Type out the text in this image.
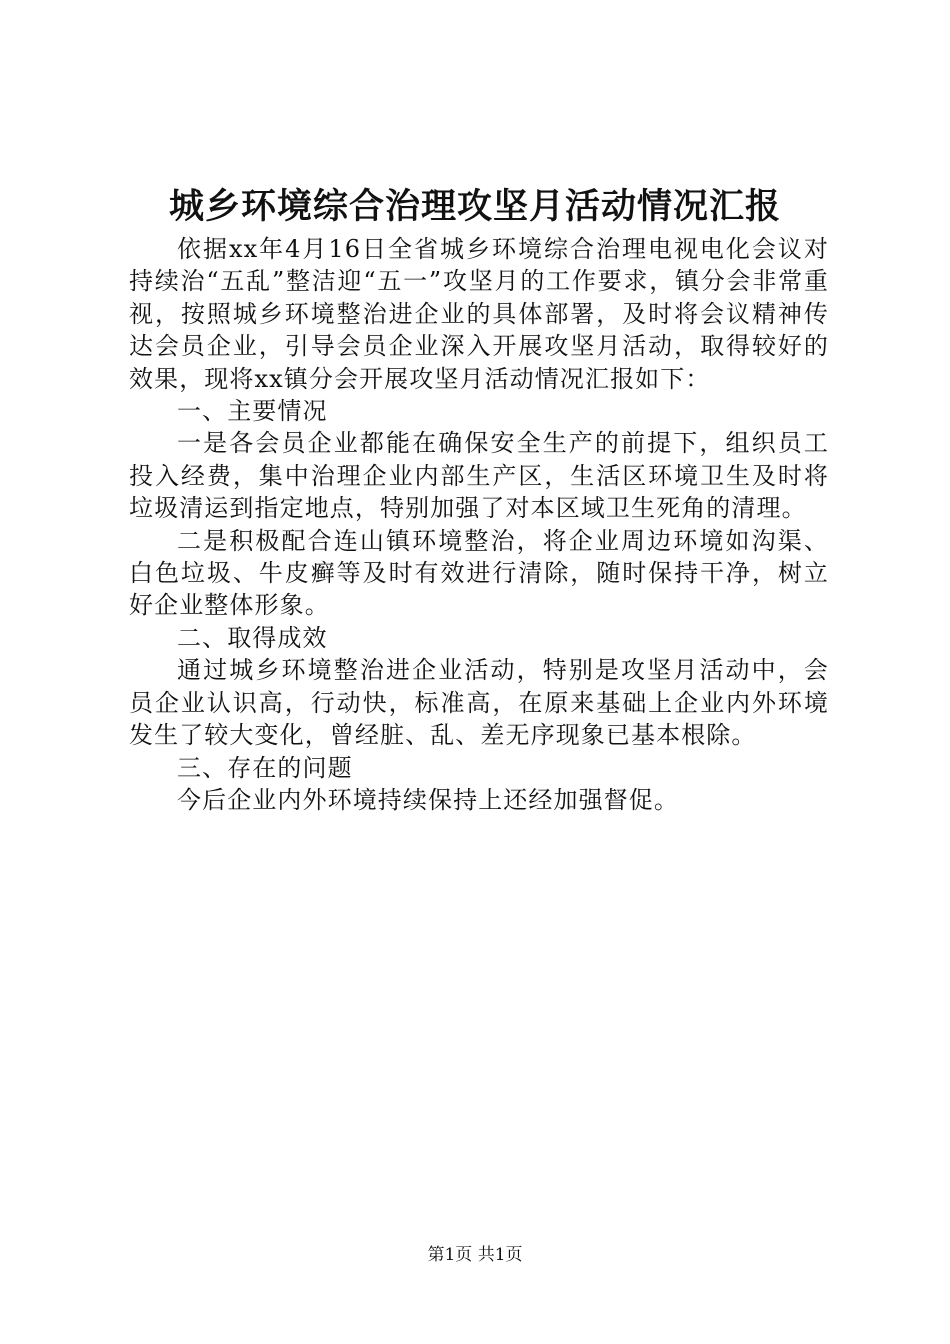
城乡环境综合治理攻坚月活动情况汇报

依据xx年4月16日全省城乡环境综合治理电视电化会议对持续治“五乱”整洁迎“五一”攻坚月的工作要求，镇分会非常重视，按照城乡环境整治进企业的具体部署，及时将会议精神传达会员企业，引导会员企业深入开展攻坚月活动，取得较好的效果，现将xx镇分会开展攻坚月活动情况汇报如下：

一、主要情况

一是各会员企业都能在确保安全生产的前提下，组织员工投入经费，集中治理企业内部生产区，生活区环境卫生及时将垃圾清运到指定地点，特别加强了对本区域卫生死角的清理。

二是积极配合连山镇环境整治，将企业周边环境如沟渠、白色垃圾、牛皮癣等及时有效进行清除，随时保持干净，树立好企业整体形象。

二、取得成效

通过城乡环境整治进企业活动，特别是攻坚月活动中，会员企业认识高，行动快，标准高，在原来基础上企业内外环境发生了较大变化，曾经脏、乱、差无序现象已基本根除。

三、存在的问题

今后企业内外环境持续保持上还经加强督促。

第1页 共1页
